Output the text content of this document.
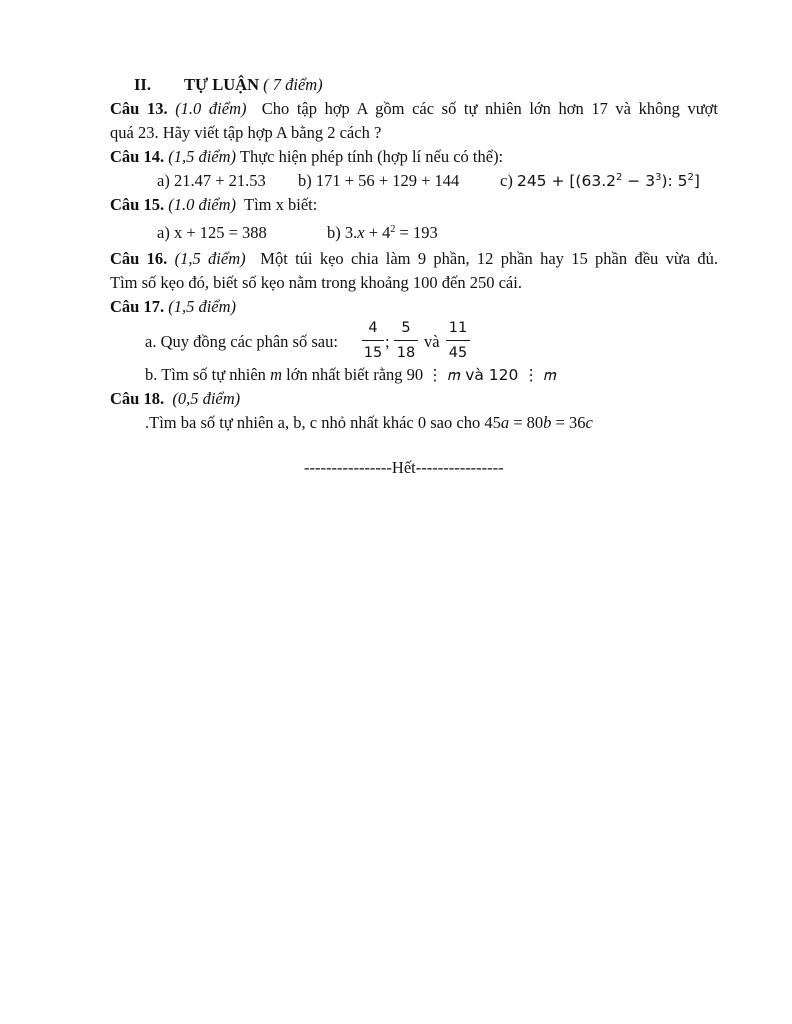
II. TỰ LUẬN ( 7 điểm)
Câu 13. (1.0 điểm) Cho tập hợp A gồm các số tự nhiên lớn hơn 17 và không vượt
quá 23. Hãy viết tập hợp A bằng 2 cách ?
Câu 14. (1,5 điểm) Thực hiện phép tính (hợp lí nếu có thể):
a) 21.47 + 21.53 b) 171 + 56 + 129 + 144 c) $245 + [(63.2^2 - 3^3)$: $5^2$]
Câu 15. (1.0 điểm) Tìm x biết:
a) x + 125 = 388	b) $3.x + 4^2 = 193$
Câu 16. (1,5 điểm) Một túi kẹo chia làm 9 phần, 12 phần hay 15 phần đều vừa đủ.
Tìm số kẹo đó, biết số kẹo nằm trong khoảng 100 đến 250 cái.
Câu 17. (1,5 điểm)
a. Quy đồng các phân số sau:
4
15
;
5
18
và
11
45
b. Tìm số tự nhiên m lớn nhất biết rằng 90 ⋮ 𝑚 và 120 ⋮ 𝑚
Câu 18. (0,5 điểm)
.Tìm ba số tự nhiên a, b, c nhỏ nhất khác 0 sao cho 45a = 80b = 36c
----------------Hết----------------
